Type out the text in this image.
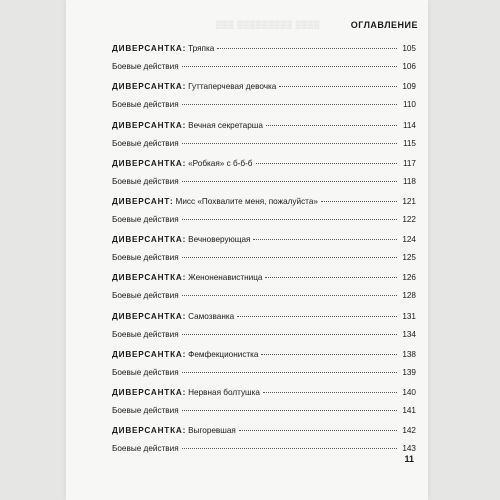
▒▒▒ ▒▒▒▒▒▒▒▒▒ ▒▒▒▒	ОГЛАВЛЕНИЕ
ДИВЕРСАНТКА: Тряпка	105
Боевые действия	106
ДИВЕРСАНТКА: Гуттаперчевая девочка	109
Боевые действия	110
ДИВЕРСАНТКА: Вечная секретарша	114
Боевые действия	115
ДИВЕРСАНТКА: «Робкая» с б-б-б	117
Боевые действия	118
ДИВЕРСАНТ: Мисс «Похвалите меня, пожалуйста»	121
Боевые действия	122
ДИВЕРСАНТКА: Вечноверующая	124
Боевые действия	125
ДИВЕРСАНТКА: Женоненавистница	126
Боевые действия	128
ДИВЕРСАНТКА: Самозванка	131
Боевые действия	134
ДИВЕРСАНТКА: Фемфекционистка	138
Боевые действия	139
ДИВЕРСАНТКА: Нервная болтушка	140
Боевые действия	141
ДИВЕРСАНТКА: Выгоревшая	142
Боевые действия	143
11
